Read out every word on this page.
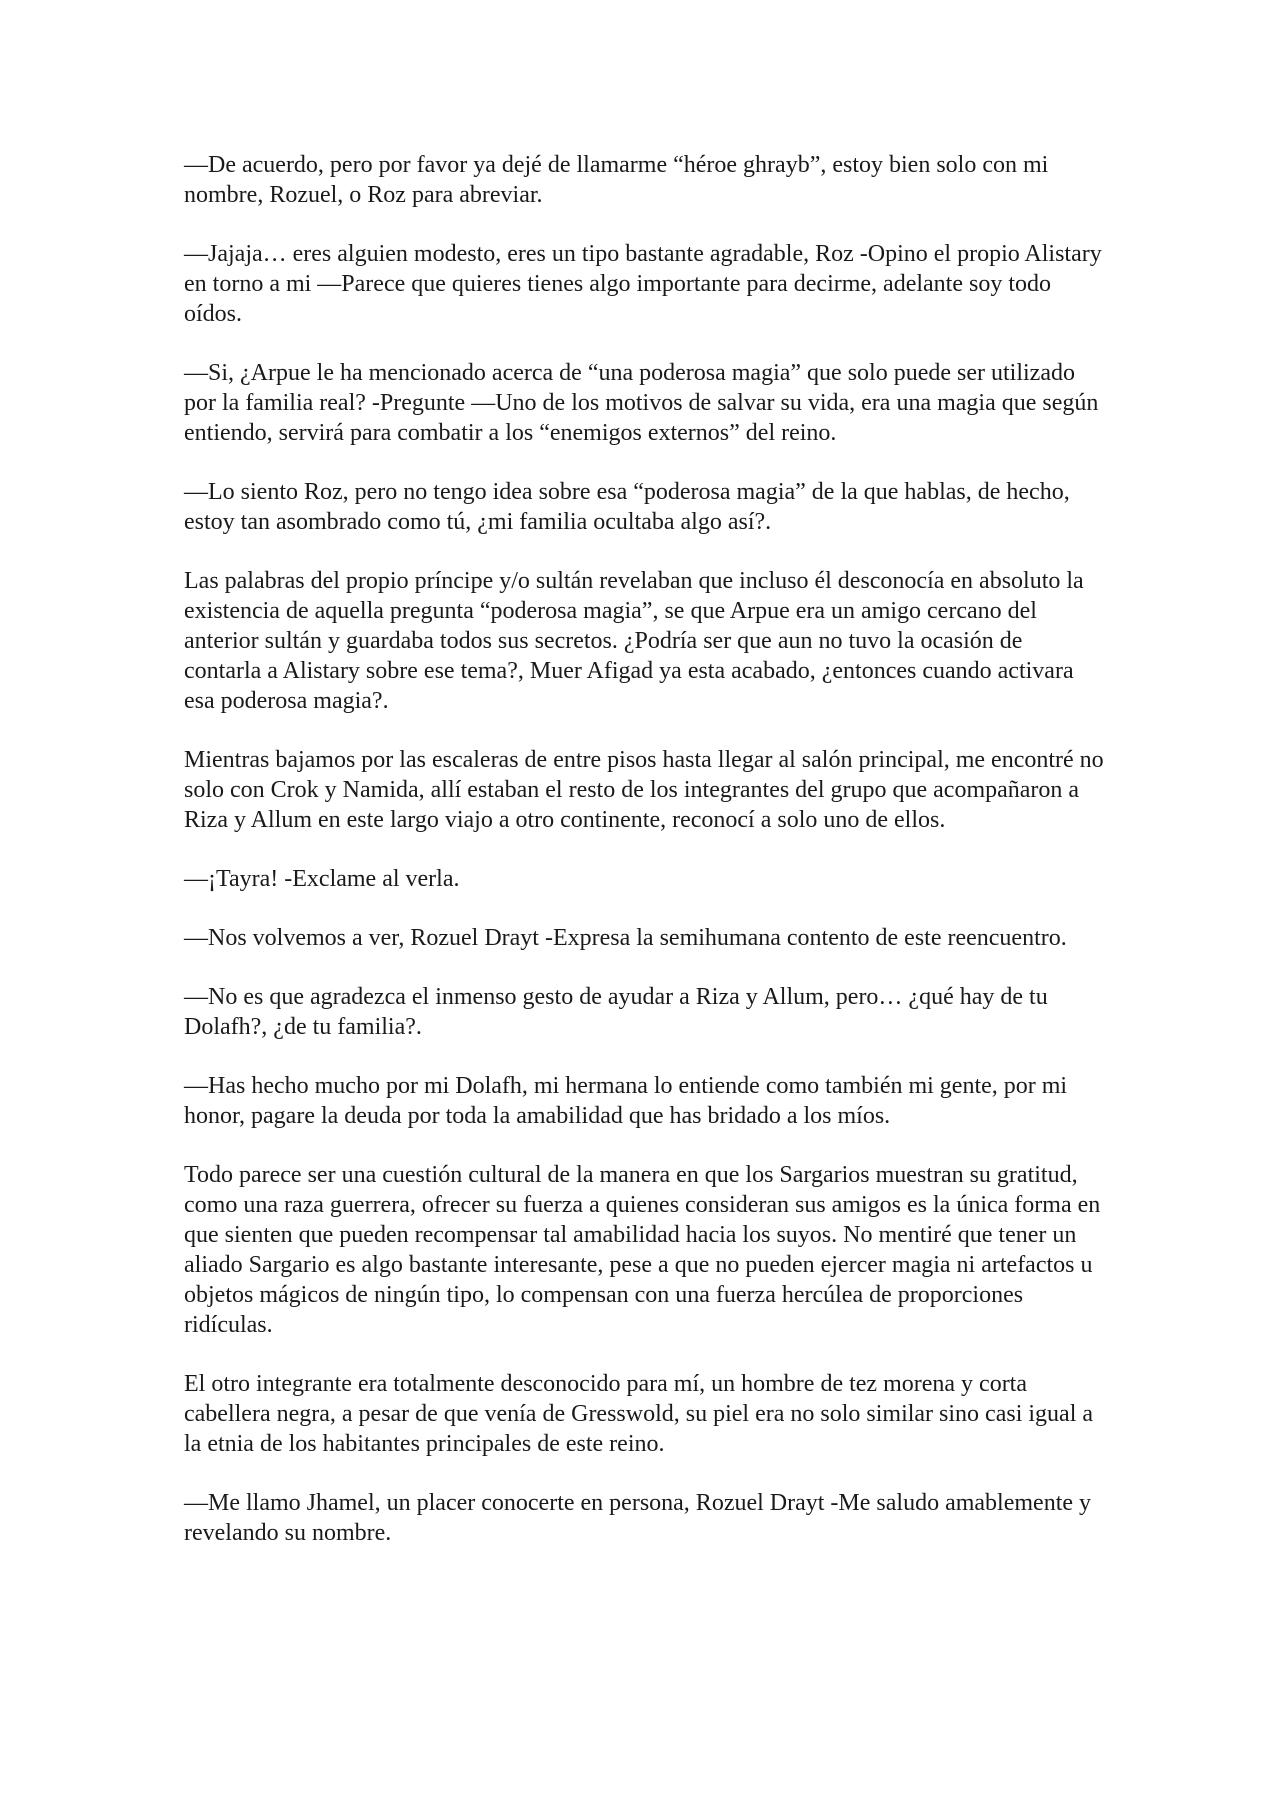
—De acuerdo, pero por favor ya dejé de llamarme “héroe ghrayb”, estoy bien solo con mi nombre, Rozuel, o Roz para abreviar.

—Jajaja… eres alguien modesto, eres un tipo bastante agradable, Roz -Opino el propio Alistary en torno a mi —Parece que quieres tienes algo importante para decirme, adelante soy todo oídos.

—Si, ¿Arpue le ha mencionado acerca de “una poderosa magia” que solo puede ser utilizado por la familia real? -Pregunte —Uno de los motivos de salvar su vida, era una magia que según entiendo, servirá para combatir a los “enemigos externos” del reino.

—Lo siento Roz, pero no tengo idea sobre esa “poderosa magia” de la que hablas, de hecho, estoy tan asombrado como tú, ¿mi familia ocultaba algo así?.

Las palabras del propio príncipe y/o sultán revelaban que incluso él desconocía en absoluto la existencia de aquella pregunta “poderosa magia”, se que Arpue era un amigo cercano del anterior sultán y guardaba todos sus secretos. ¿Podría ser que aun no tuvo la ocasión de contarla a Alistary sobre ese tema?, Muer Afigad ya esta acabado, ¿entonces cuando activara esa poderosa magia?.

Mientras bajamos por las escaleras de entre pisos hasta llegar al salón principal, me encontré no solo con Crok y Namida, allí estaban el resto de los integrantes del grupo que acompañaron a Riza y Allum en este largo viajo a otro continente, reconocí a solo uno de ellos.

—¡Tayra! -Exclame al verla.

—Nos volvemos a ver, Rozuel Drayt -Expresa la semihumana contento de este reencuentro.

—No es que agradezca el inmenso gesto de ayudar a Riza y Allum, pero… ¿qué hay de tu Dolafh?, ¿de tu familia?.

—Has hecho mucho por mi Dolafh, mi hermana lo entiende como también mi gente, por mi honor, pagare la deuda por toda la amabilidad que has bridado a los míos.

Todo parece ser una cuestión cultural de la manera en que los Sargarios muestran su gratitud, como una raza guerrera, ofrecer su fuerza a quienes consideran sus amigos es la única forma en que sienten que pueden recompensar tal amabilidad hacia los suyos. No mentiré que tener un aliado Sargario es algo bastante interesante, pese a que no pueden ejercer magia ni artefactos u objetos mágicos de ningún tipo, lo compensan con una fuerza hercúlea de proporciones ridículas.

El otro integrante era totalmente desconocido para mí, un hombre de tez morena y corta cabellera negra, a pesar de que venía de Gresswold, su piel era no solo similar sino casi igual a la etnia de los habitantes principales de este reino.

—Me llamo Jhamel, un placer conocerte en persona, Rozuel Drayt -Me saludo amablemente y revelando su nombre.
